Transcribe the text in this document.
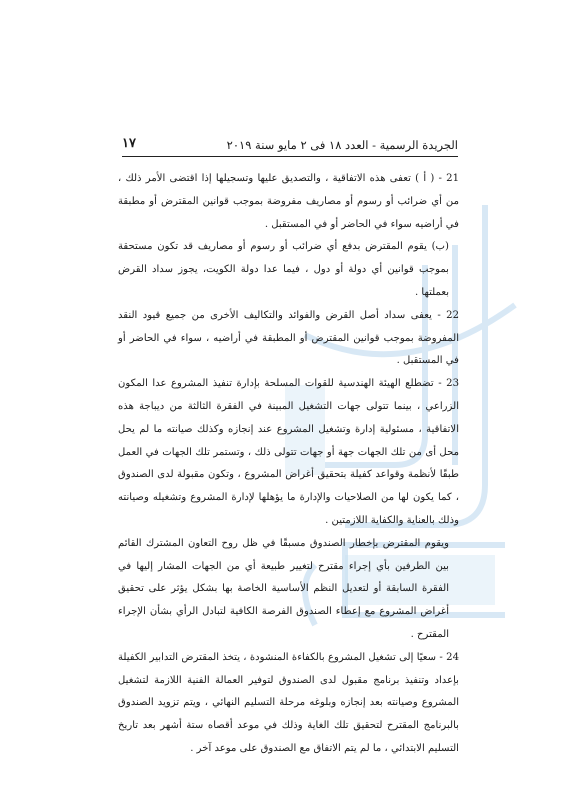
الجريدة الرسمية - العدد ١٨ فى ٢ مايو سنة ٢٠١٩
١٧

21 - ( أ ) تعفى هذه الاتفاقية ، والتصديق عليها وتسجيلها إذا اقتضى الأمر ذلك ، من أي ضرائب أو رسوم أو مصاريف مفروضة بموجب قوانين المقترض أو مطبقة في أراضيه سواء في الحاضر أو في المستقبل .

(ب) يقوم المقترض بدفع أي ضرائب أو رسوم أو مصاريف قد تكون مستحقة بموجب قوانين أي دولة أو دول ، فيما عدا دولة الكويت، يجوز سداد القرض بعملتها .

22 - يعفى سداد أصل القرض والفوائد والتكاليف الأخرى من جميع قيود النقد المفروضة بموجب قوانين المقترض أو المطبقة في أراضيه ، سواء في الحاضر أو في المستقبل .

23 - تضطلع الهيئة الهندسية للقوات المسلحة بإدارة تنفيذ المشروع عدا المكون الزراعي ، بينما تتولى جهات التشغيل المبينة في الفقرة الثالثة من ديباجة هذه الاتفاقية ، مسئولية إدارة وتشغيل المشروع عند إنجازه وكذلك صيانته ما لم يحل محل أى من تلك الجهات جهة أو جهات تتولى ذلك ، وتستمر تلك الجهات في العمل طبقًا لأنظمة وقواعد كفيلة بتحقيق أغراض المشروع ، وتكون مقبولة لدى الصندوق ، كما يكون لها من الصلاحيات والإدارة ما يؤهلها لإدارة المشروع وتشغيله وصيانته وذلك بالعناية والكفاية اللازمتين .

ويقوم المقترض بإخطار الصندوق مسبقًا في ظل روح التعاون المشترك القائم بين الطرفين بأي إجراء مقترح لتغيير طبيعة أي من الجهات المشار إليها في الفقرة السابقة أو لتعديل النظم الأساسية الخاصة بها بشكل يؤثر على تحقيق أغراض المشروع مع إعطاء الصندوق الفرصة الكافية لتبادل الرأي بشأن الإجراء المقترح .

24 - سعيًا إلى تشغيل المشروع بالكفاءة المنشودة ، يتخذ المقترض التدابير الكفيلة بإعداد وتنفيذ برنامج مقبول لدى الصندوق لتوفير العمالة الفنية اللازمة لتشغيل المشروع وصيانته بعد إنجازه وبلوغه مرحلة التسليم النهائي ، ويتم تزويد الصندوق بالبرنامج المقترح لتحقيق تلك الغاية وذلك في موعد أقصاه ستة أشهر بعد تاريخ التسليم الابتدائي ، ما لم يتم الاتفاق مع الصندوق على موعد آخر .
